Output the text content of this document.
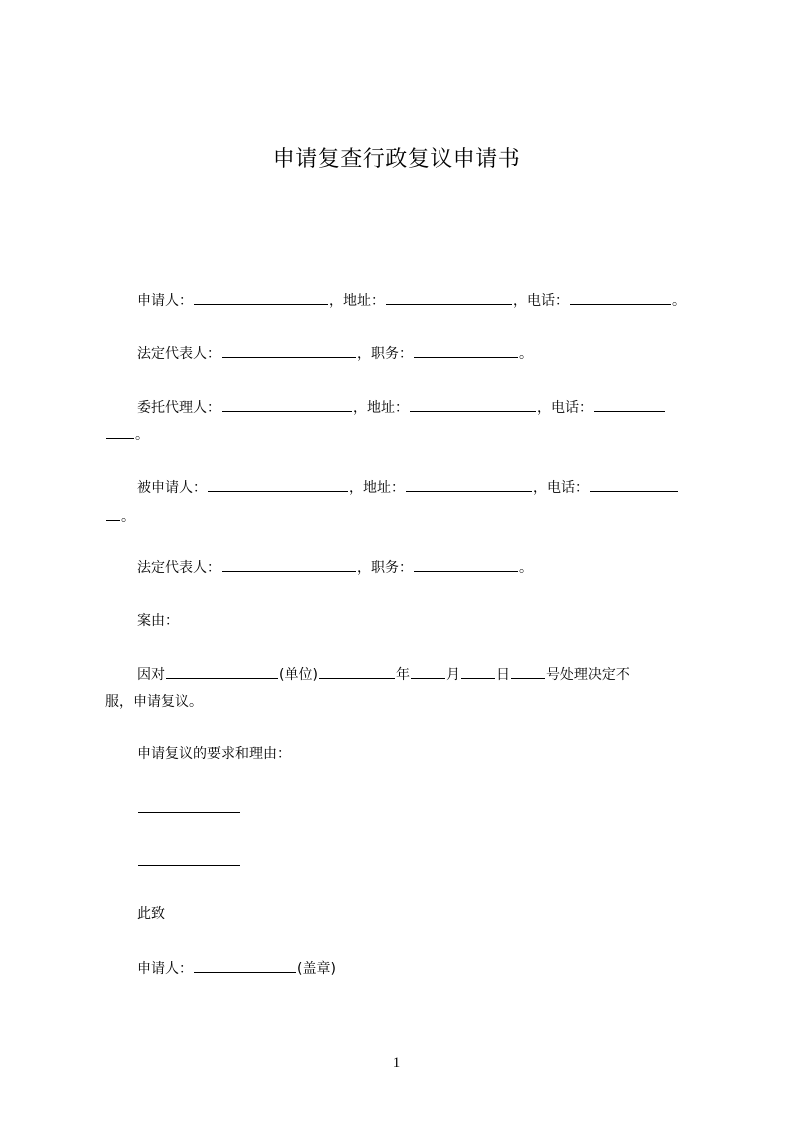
申请复查行政复议申请书
申请人：	，地址：	，电话：	。
法定代表人：	，职务：	。
委托代理人：	，地址：	，电话：
。
被申请人：	，地址：	，电话：
。
法定代表人：	，职务：	。
案由：
因对	(单位)	年	月	日	号处理决定不
服，申请复议。
申请复议的要求和理由：
此致
申请人：	(盖章)
1
